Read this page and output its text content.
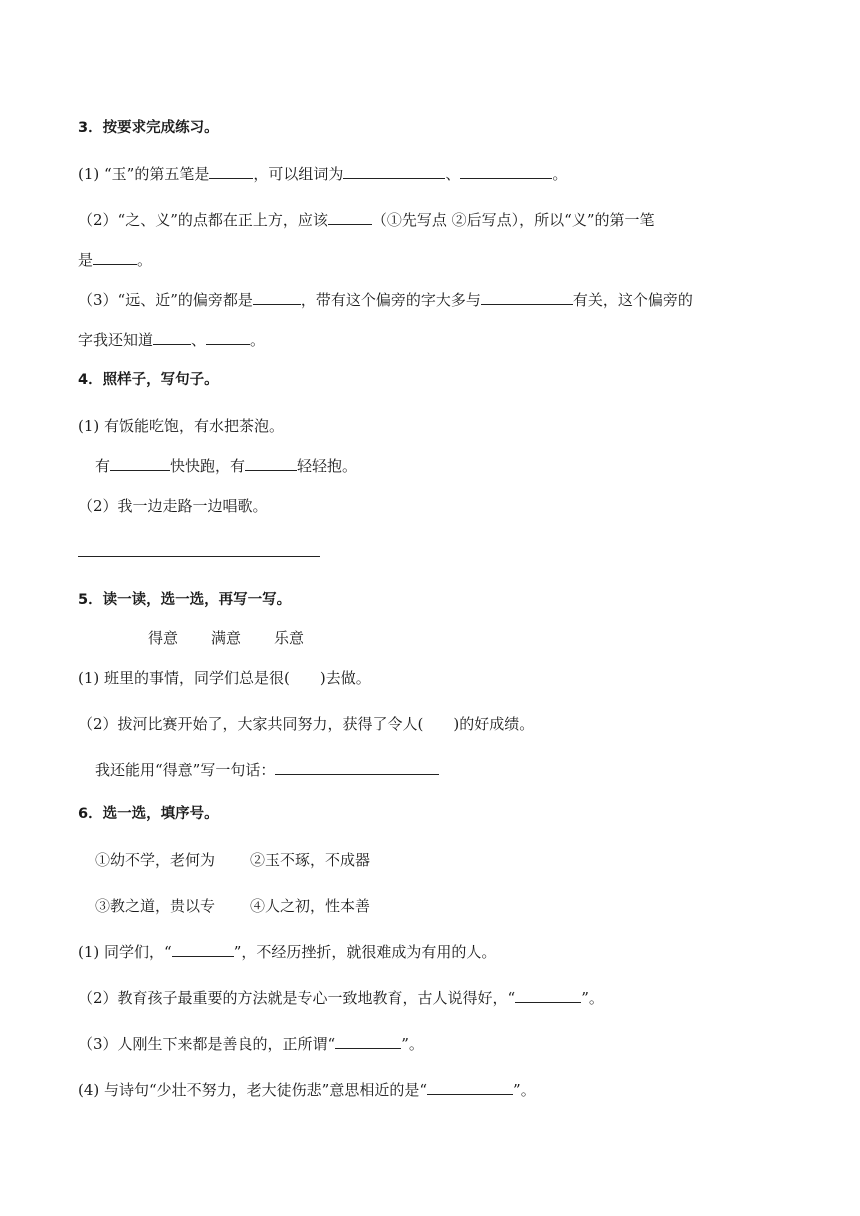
3．按要求完成练习。
(1) “玉”的第五笔是	，可以组词为	、	。
（2）“之、义”的点都在正上方，应该	（①先写点 ②后写点），所以“义”的第一笔
是	。
（3）“远、近”的偏旁都是	，带有这个偏旁的字大多与	有关，这个偏旁的
字我还知道	、	。
4．照样子，写句子。
(1) 有饭能吃饱，有水把茶泡。
有	快快跑，有	轻轻抱。
（2）我一边走路一边唱歌。
5．读一读，选一选，再写一写。
得意 满意 乐意
(1) 班里的事情，同学们总是很( )去做。
（2）拔河比赛开始了，大家共同努力，获得了令人( )的好成绩。
我还能用“得意”写一句话：
6．选一选，填序号。
①幼不学，老何为 ②玉不琢，不成器
③教之道，贵以专 ④人之初，性本善
(1) 同学们，“	”，不经历挫折，就很难成为有用的人。
（2）教育孩子最重要的方法就是专心一致地教育，古人说得好，“	”。
（3）人刚生下来都是善良的，正所谓“	”。
(4) 与诗句“少壮不努力，老大徒伤悲”意思相近的是“	”。
